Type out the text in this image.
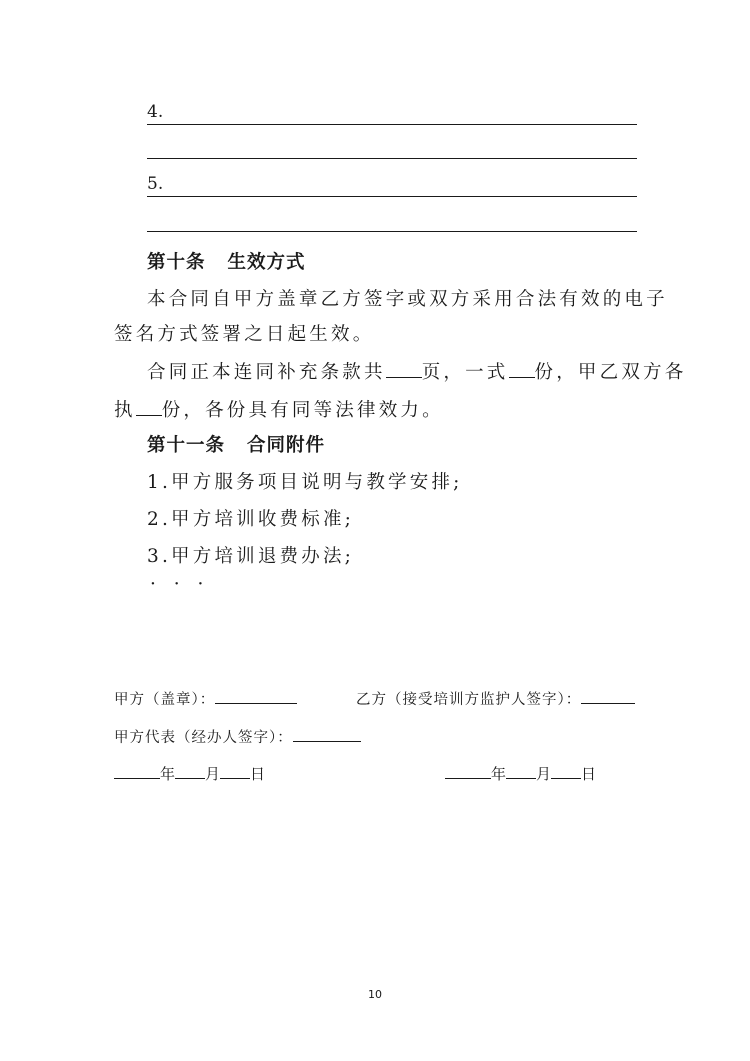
4.
5.
第十条 生效方式
本合同自甲方盖章乙方签字或双方采用合法有效的电子
签名方式签署之日起生效。
合同正本连同补充条款共 页，一式 份，甲乙双方各
执 份，各份具有同等法律效力。
第十一条 合同附件
1.甲方服务项目说明与教学安排;
2.甲方培训收费标准;
3.甲方培训退费办法;
· · ·
甲方（盖章）：	乙方（接受培训方监护人签字）：
甲方代表（经办人签字）：
年 月 日	年 月 日
10
